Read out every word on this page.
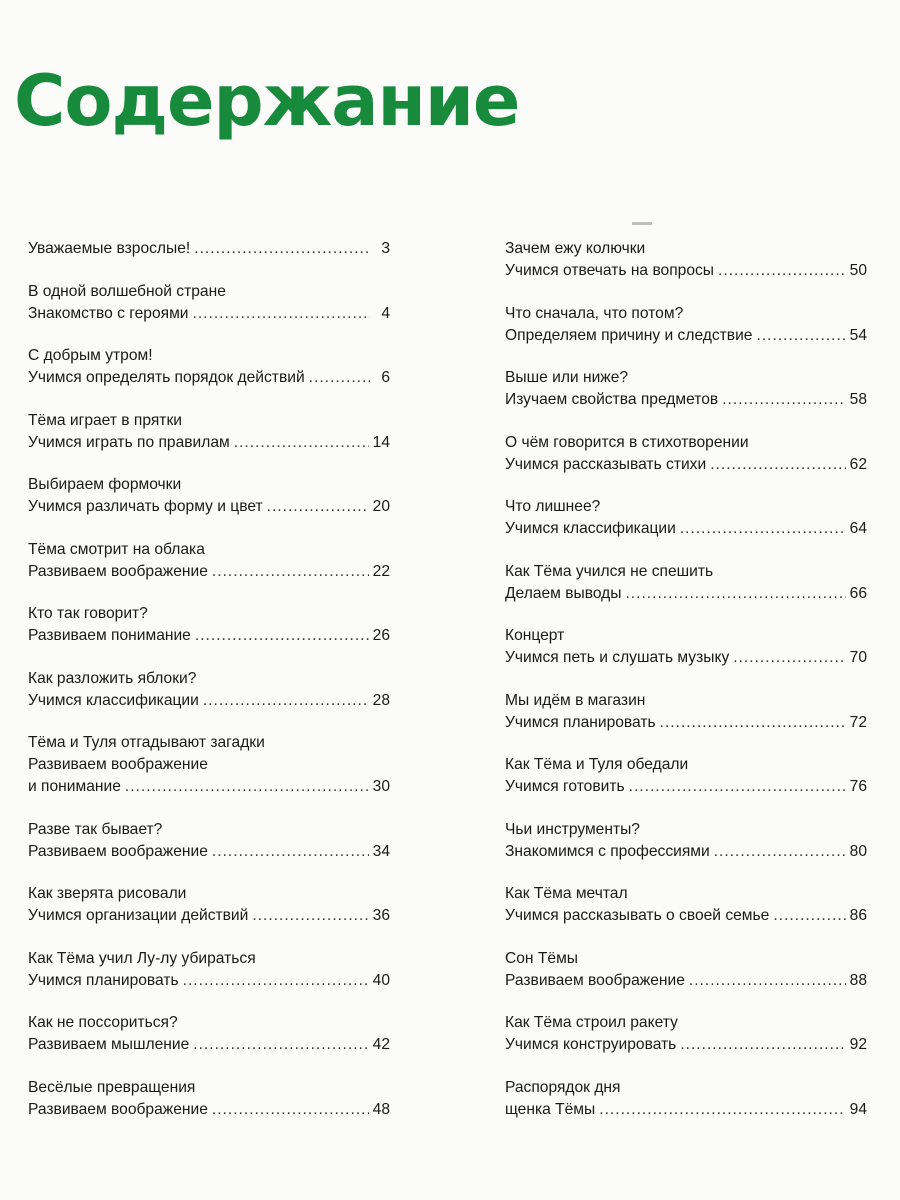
Содержание
Уважаемые взрослые! .....	3
В одной волшебной стране
Знакомство с героями .....	4
С добрым утром!
Учимся определять порядок действий .....	6
Тёма играет в прятки
Учимся играть по правилам .....	14
Выбираем формочки
Учимся различать форму и цвет .....	20
Тёма смотрит на облака
Развиваем воображение .....	22
Кто так говорит?
Развиваем понимание .....	26
Как разложить яблоки?
Учимся классификации .....	28
Тёма и Туля отгадывают загадки
Развиваем воображение
и понимание .....	30
Разве так бывает?
Развиваем воображение .....	34
Как зверята рисовали
Учимся организации действий .....	36
Как Тёма учил Лу-лу убираться
Учимся планировать .....	40
Как не поссориться?
Развиваем мышление .....	42
Весёлые превращения
Развиваем воображение .....	48
Зачем ежу колючки
Учимся отвечать на вопросы .....	50
Что сначала, что потом?
Определяем причину и следствие .....	54
Выше или ниже?
Изучаем свойства предметов .....	58
О чём говорится в стихотворении
Учимся рассказывать стихи .....	62
Что лишнее?
Учимся классификации .....	64
Как Тёма учился не спешить
Делаем выводы .....	66
Концерт
Учимся петь и слушать музыку .....	70
Мы идём в магазин
Учимся планировать .....	72
Как Тёма и Туля обедали
Учимся готовить .....	76
Чьи инструменты?
Знакомимся с профессиями .....	80
Как Тёма мечтал
Учимся рассказывать о своей семье .....	86
Сон Тёмы
Развиваем воображение .....	88
Как Тёма строил ракету
Учимся конструировать .....	92
Распорядок дня
щенка Тёмы .....	94
